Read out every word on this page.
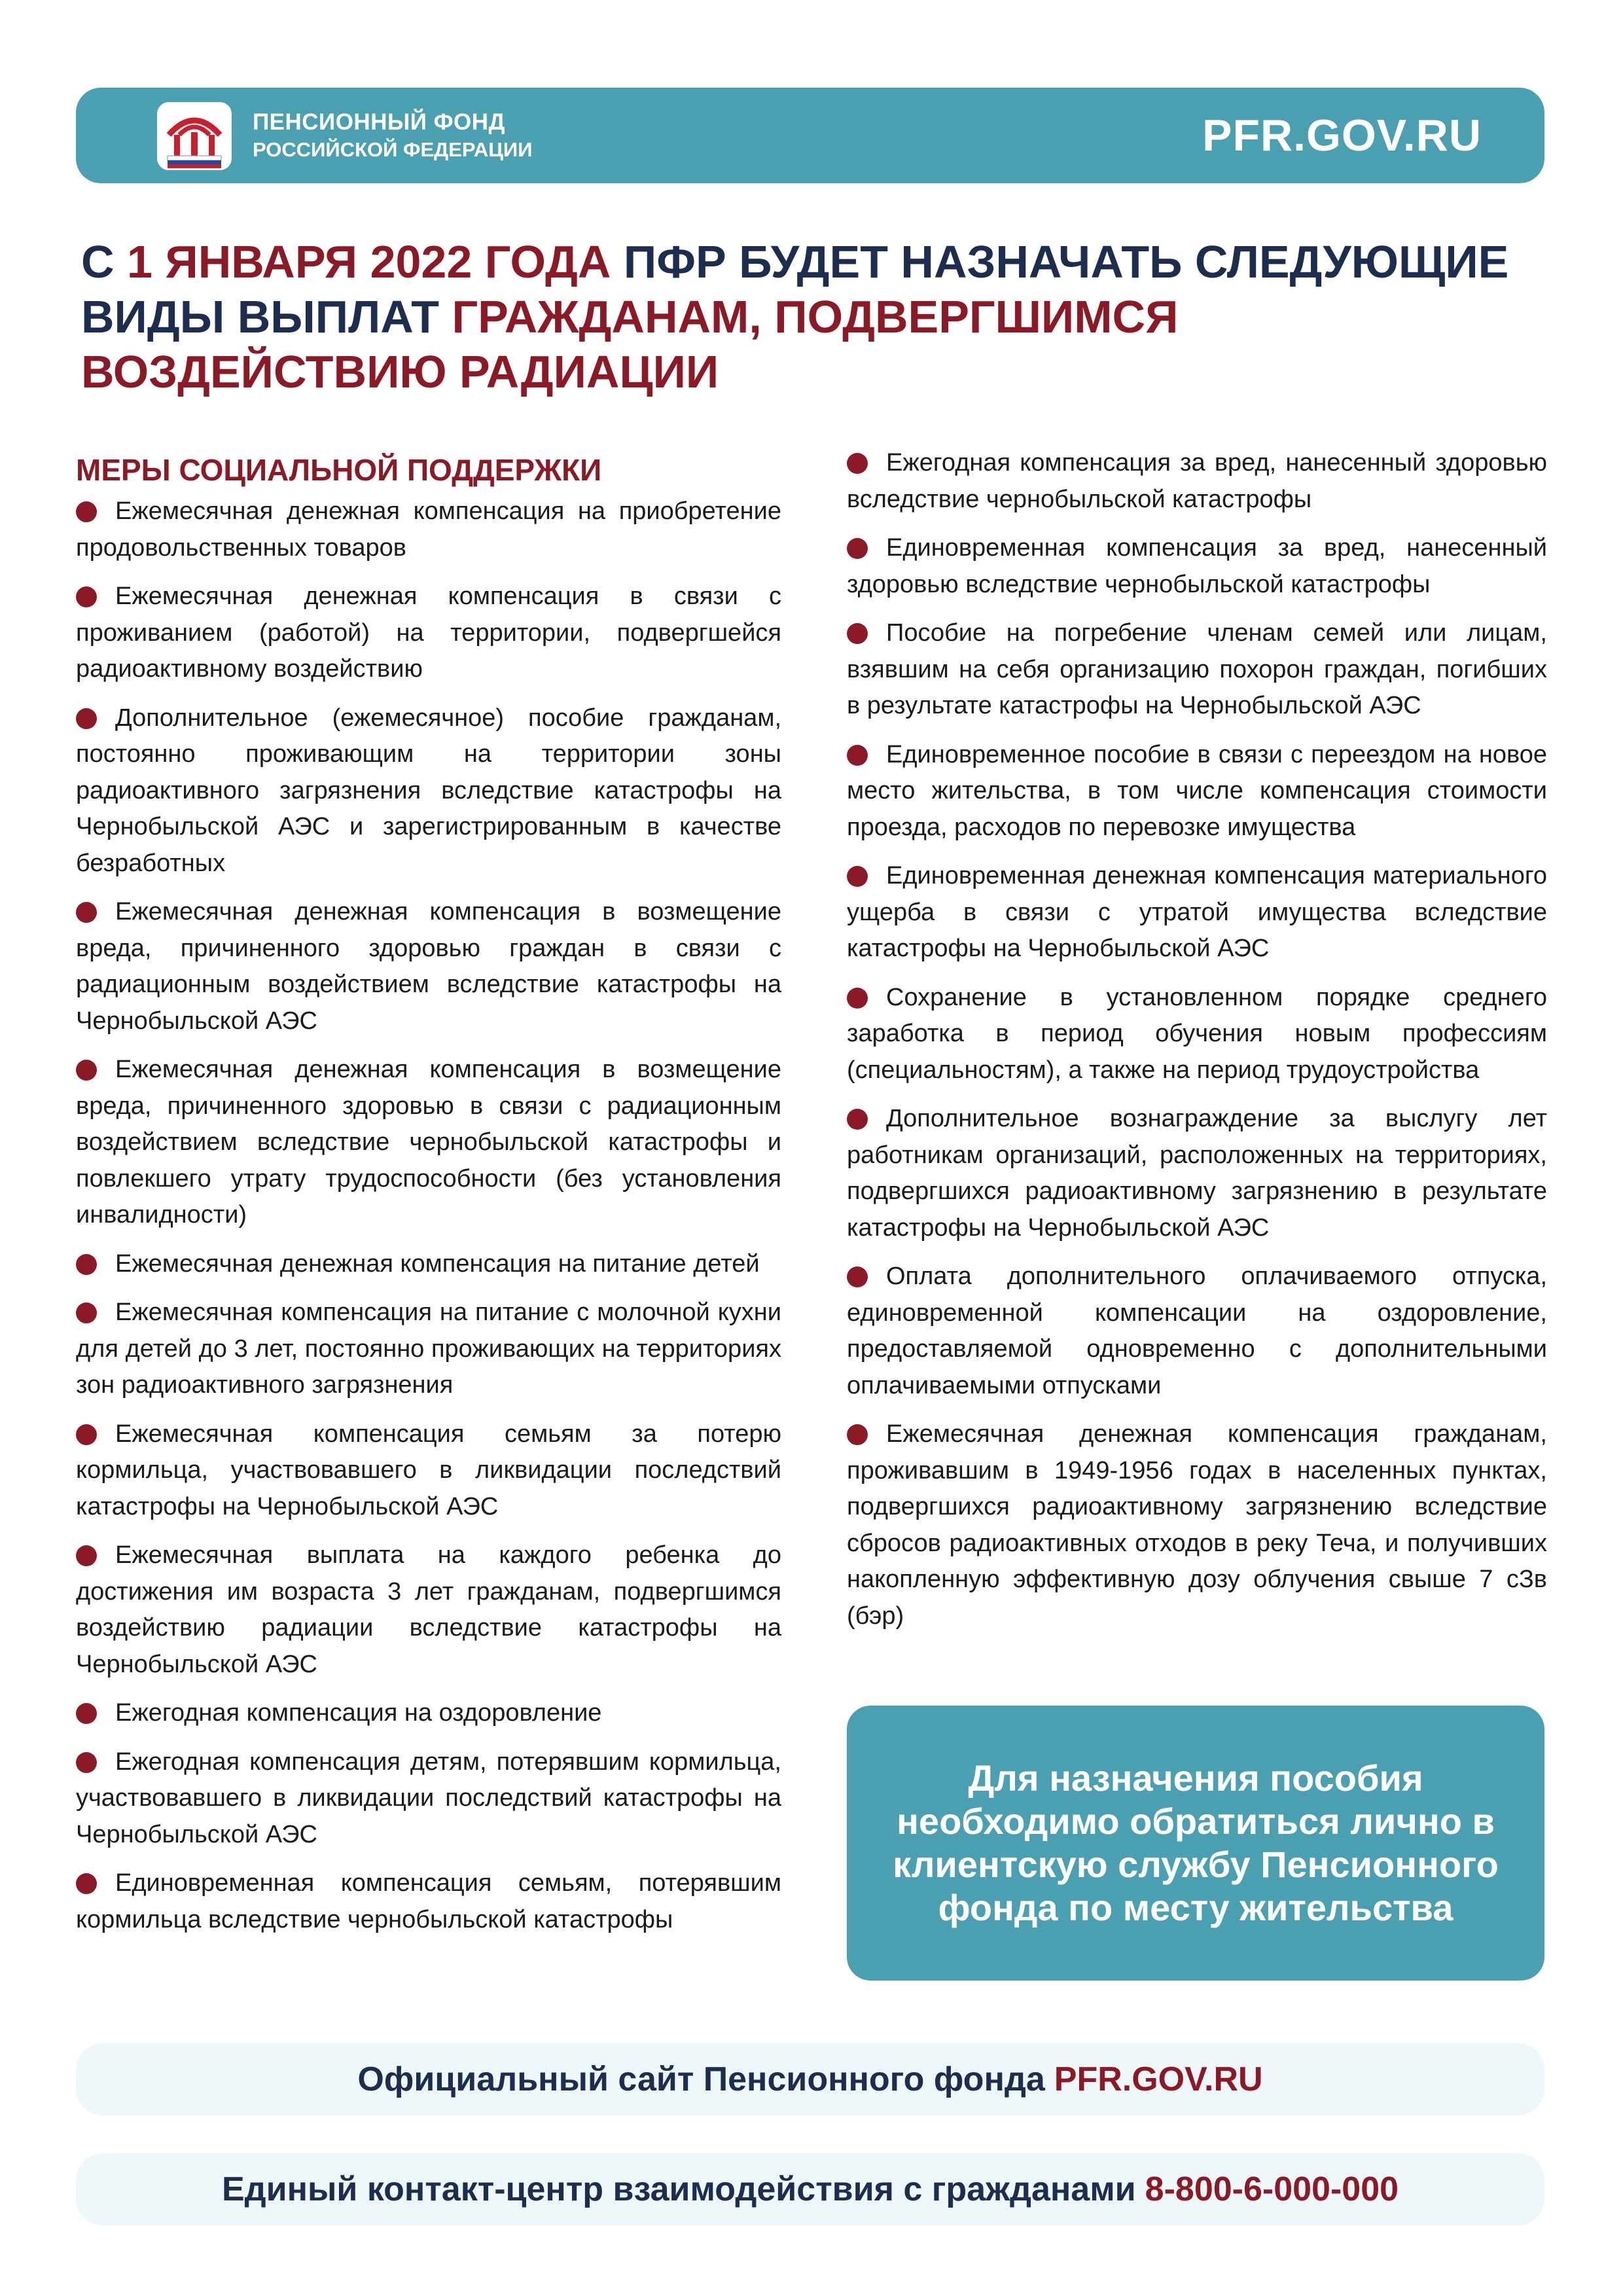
ПЕНСИОННЫЙ ФОНД
РОССИЙСКОЙ ФЕДЕРАЦИИ	PFR.GOV.RU
С 1 ЯНВАРЯ 2022 ГОДА ПФР БУДЕТ НАЗНАЧАТЬ СЛЕДУЮЩИЕ ВИДЫ ВЫПЛАТ ГРАЖДАНАМ, ПОДВЕРГШИМСЯ ВОЗДЕЙСТВИЮ РАДИАЦИИ
МЕРЫ СОЦИАЛЬНОЙ ПОДДЕРЖКИ
Ежемесячная денежная компенсация на приобретение продовольственных товаров
Ежемесячная денежная компенсация в связи с проживанием (работой) на территории, подвергшейся радиоактивному воздействию
Дополнительное (ежемесячное) пособие гражданам, постоянно проживающим на территории зоны радиоактивного загрязнения вследствие катастрофы на Чернобыльской АЭС и зарегистрированным в качестве безработных
Ежемесячная денежная компенсация в возмещение вреда, причиненного здоровью граждан в связи с радиационным воздействием вследствие катастрофы на Чернобыльской АЭС
Ежемесячная денежная компенсация в возмещение вреда, причиненного здоровью в связи с радиационным воздействием вследствие чернобыльской катастрофы и повлекшего утрату трудоспособности (без установления инвалидности)
Ежемесячная денежная компенсация на питание детей
Ежемесячная компенсация на питание с молочной кухни для детей до 3 лет, постоянно проживающих на территориях зон радиоактивного загрязнения
Ежемесячная компенсация семьям за потерю кормильца, участвовавшего в ликвидации последствий катастрофы на Чернобыльской АЭС
Ежемесячная выплата на каждого ребенка до достижения им возраста 3 лет гражданам, подвергшимся воздействию радиации вследствие катастрофы на Чернобыльской АЭС
Ежегодная компенсация на оздоровление
Ежегодная компенсация детям, потерявшим кормильца, участвовавшего в ликвидации последствий катастрофы на Чернобыльской АЭС
Единовременная компенсация семьям, потерявшим кормильца вследствие чернобыльской катастрофы
Ежегодная компенсация за вред, нанесенный здоровью вследствие чернобыльской катастрофы
Единовременная компенсация за вред, нанесенный здоровью вследствие чернобыльской катастрофы
Пособие на погребение членам семей или лицам, взявшим на себя организацию похорон граждан, погибших в результате катастрофы на Чернобыльской АЭС
Единовременное пособие в связи с переездом на новое место жительства, в том числе компенсация стоимости проезда, расходов по перевозке имущества
Единовременная денежная компенсация материального ущерба в связи с утратой имущества вследствие катастрофы на Чернобыльской АЭС
Сохранение в установленном порядке среднего заработка в период обучения новым профессиям (специальностям), а также на период трудоустройства
Дополнительное вознаграждение за выслугу лет работникам организаций, расположенных на территориях, подвергшихся радиоактивному загрязнению в результате катастрофы на Чернобыльской АЭС
Оплата дополнительного оплачиваемого отпуска, единовременной компенсации на оздоровление, предоставляемой одновременно с дополнительными оплачиваемыми отпусками
Ежемесячная денежная компенсация гражданам, проживавшим в 1949-1956 годах в населенных пунктах, подвергшихся радиоактивному загрязнению вследствие сбросов радиоактивных отходов в реку Теча, и получивших накопленную эффективную дозу облучения свыше 7 сЗв (бэр)
Для назначения пособия необходимо обратиться лично в клиентскую службу Пенсионного фонда по месту жительства
Официальный сайт Пенсионного фонда PFR.GOV.RU
Единый контакт-центр взаимодействия с гражданами 8-800-6-000-000
